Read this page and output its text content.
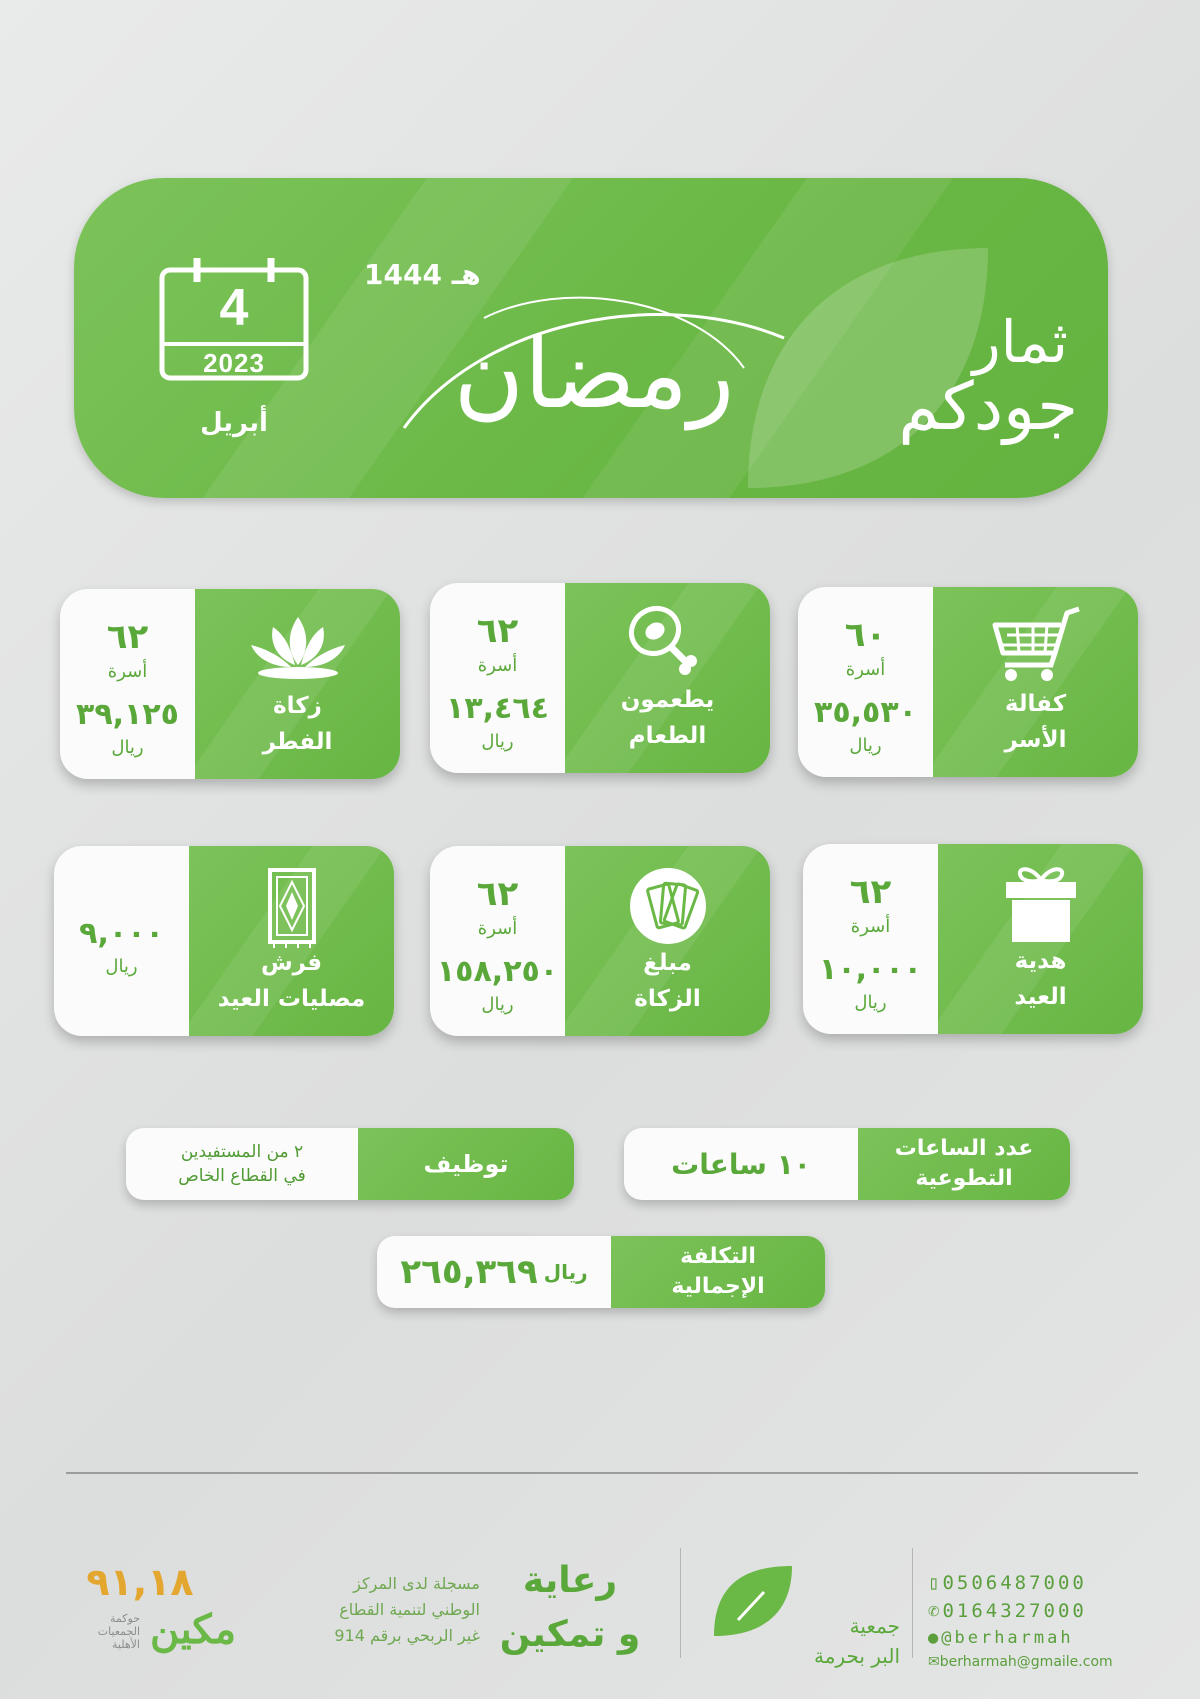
4
2023
أبريل
1444 هـ
رمضان	ثمار
جودكم
كفالة
الأسر
٦٠
أسرة
٣٥,٥٣٠
ريال
يطعمون
الطعام
٦٢
أسرة
١٣,٤٦٤
ريال
زكاة
الفطر
٦٢
أسرة
٣٩,١٢٥
ريال
هدية
العيد
٦٢
أسرة
١٠,٠٠٠
ريال
مبلغ
الزكاة
٦٢
أسرة
١٥٨,٢٥٠
ريال
فرش
مصليات العيد
٩,٠٠٠
ريال
عدد الساعات
التطوعية
١٠ ساعات
توظيف
٢ من المستفيدين
في القطاع الخاص
التكلفة
الإجمالية
٢٦٥,٣٦٩ ريال
▯0506487000
✆0164327000
●@berharmah
✉berharmah@gmaile.com
جمعية
البر بحرمة
رعاية
و تمكين
مسجلة لدى المركز
الوطني لتنمية القطاع
غير الربحي برقم 914
٩١,١٨
مكين
حوكمة
الجمعيات
الأهلية
